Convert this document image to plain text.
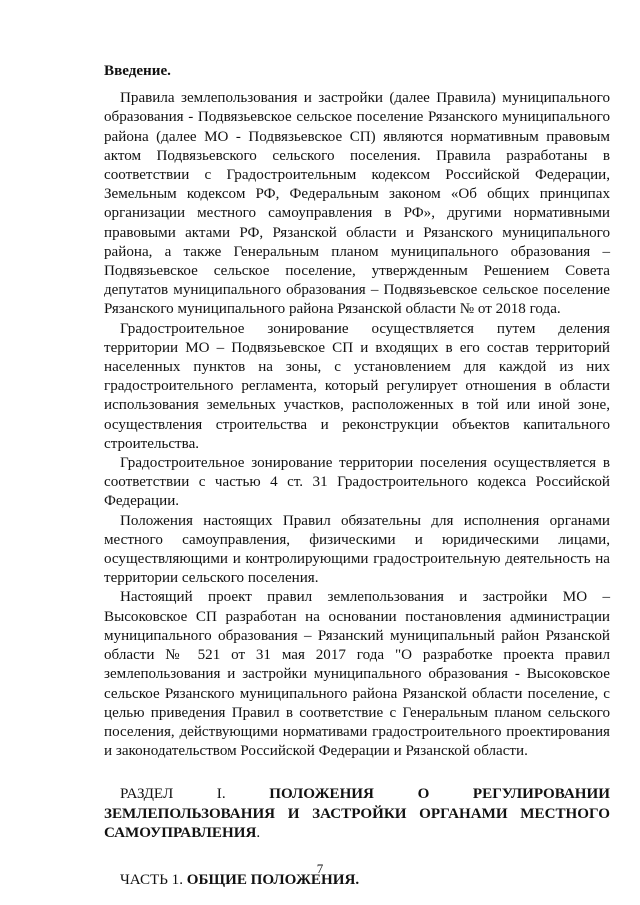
Введение.

Правила землепользования и застройки (далее Правила) муниципального образования - Подвязьевское сельское поселение Рязанского муниципального района (далее МО - Подвязьевское СП) являются нормативным правовым актом Подвязьевского сельского поселения. Правила разработаны в соответствии с Градостроительным кодексом Российской Федерации, Земельным кодексом РФ, Федеральным законом «Об общих принципах организации местного самоуправления в РФ», другими нормативными правовыми актами РФ, Рязанской области и Рязанского муниципального района, а также Генеральным планом муниципального образования – Подвязьевское сельское поселение, утвержденным Решением Совета депутатов муниципального образования – Подвязьевское сельское поселение Рязанского муниципального района Рязанской области № от 2018 года.

Градостроительное зонирование осуществляется путем деления территории МО – Подвязьевское СП и входящих в его состав территорий населенных пунктов на зоны, с установлением для каждой из них градостроительного регламента, который регулирует отношения в области использования земельных участков, расположенных в той или иной зоне, осуществления строительства и реконструкции объектов капитального строительства.

Градостроительное зонирование территории поселения осуществляется в соответствии с частью 4 ст. 31 Градостроительного кодекса Российской Федерации.

Положения настоящих Правил обязательны для исполнения органами местного самоуправления, физическими и юридическими лицами, осуществляющими и контролирующими градостроительную деятельность на территории сельского поселения.

Настоящий проект правил землепользования и застройки МО – Высоковское СП разработан на основании постановления администрации муниципального образования – Рязанский муниципальный район Рязанской области № 521 от 31 мая 2017 года "О разработке проекта правил землепользования и застройки муниципального образования - Высоковское сельское Рязанского муниципального района Рязанской области поселение, с целью приведения Правил в соответствие с Генеральным планом сельского поселения, действующими нормативами градостроительного проектирования и законодательством Российской Федерации и Рязанской области.

РАЗДЕЛ I. ПОЛОЖЕНИЯ О РЕГУЛИРОВАНИИ ЗЕМЛЕПОЛЬЗОВАНИЯ И ЗАСТРОЙКИ ОРГАНАМИ МЕСТНОГО САМОУПРАВЛЕНИЯ.
ЧАСТЬ 1. ОБЩИЕ ПОЛОЖЕНИЯ.
7
